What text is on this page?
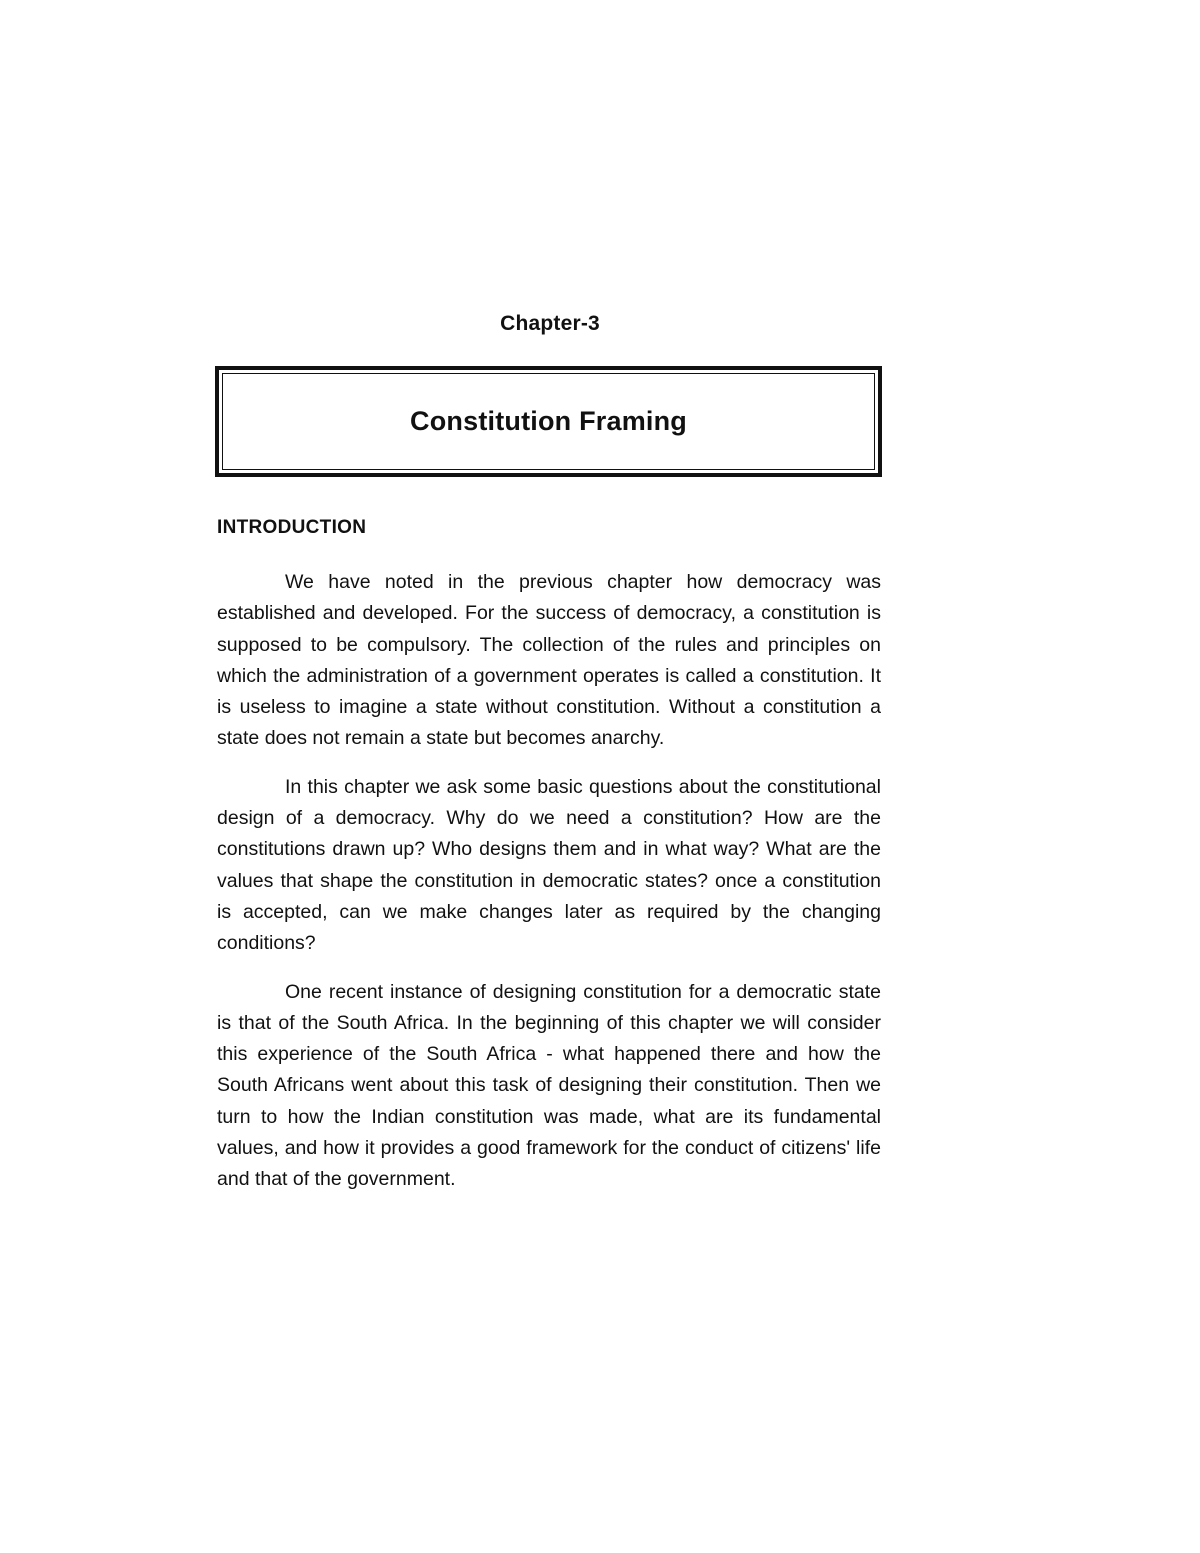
Chapter-3
Constitution Framing
INTRODUCTION

We have noted in the previous chapter how democracy was established and developed. For the success of democracy, a constitution is supposed to be compulsory. The collection of the rules and principles on which the administration of a government operates is called a constitution. It is useless to imagine a state without constitution. Without a constitution a state does not remain a state but becomes anarchy.

In this chapter we ask some basic questions about the constitutional design of a democracy. Why do we need a constitution? How are the constitutions drawn up? Who designs them and in what way? What are the values that shape the constitution in democratic states? once a constitution is accepted, can we make changes later as required by the changing conditions?

One recent instance of designing constitution for a democratic state is that of the South Africa. In the beginning of this chapter we will consider this experience of the South Africa - what happened there and how the South Africans went about this task of designing their constitution. Then we turn to how the Indian constitution was made, what are its fundamental values, and how it provides a good framework for the conduct of citizens' life and that of the government.
